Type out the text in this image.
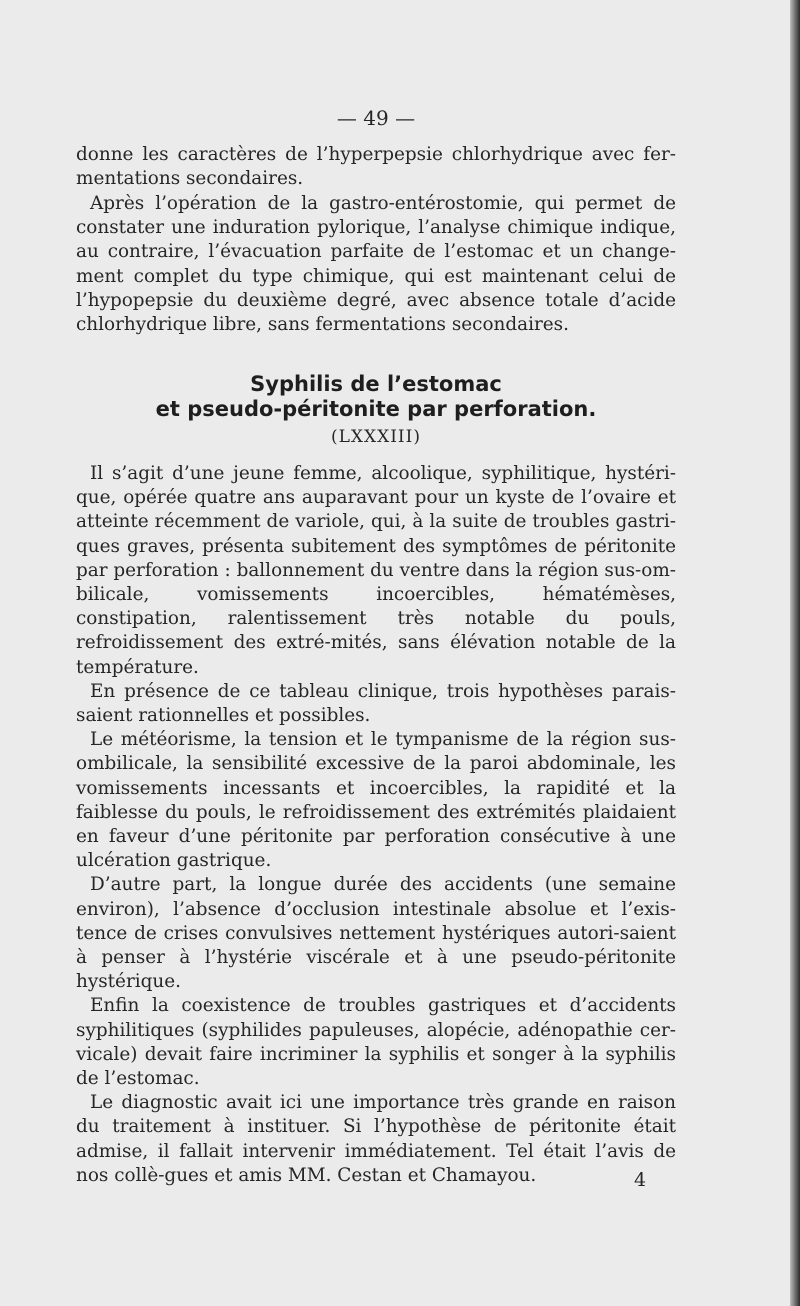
— 49 —

donne les caractères de l’hyperpepsie chlorhydrique avec fer-mentations secondaires.

Après l’opération de la gastro-entérostomie, qui permet de constater une induration pylorique, l’analyse chimique indique, au contraire, l’évacuation parfaite de l’estomac et un change-ment complet du type chimique, qui est maintenant celui de l’hypopepsie du deuxième degré, avec absence totale d’acide chlorhydrique libre, sans fermentations secondaires.

Syphilis de l’estomac
et pseudo-péritonite par perforation.
(LXXXIII)

Il s’agit d’une jeune femme, alcoolique, syphilitique, hystéri-que, opérée quatre ans auparavant pour un kyste de l’ovaire et atteinte récemment de variole, qui, à la suite de troubles gastri-ques graves, présenta subitement des symptômes de péritonite par perforation : ballonnement du ventre dans la région sus-om-bilicale, vomissements incoercibles, hématémèses, constipation, ralentissement très notable du pouls, refroidissement des extré-mités, sans élévation notable de la température.

En présence de ce tableau clinique, trois hypothèses parais-saient rationnelles et possibles.

Le météorisme, la tension et le tympanisme de la région sus-ombilicale, la sensibilité excessive de la paroi abdominale, les vomissements incessants et incoercibles, la rapidité et la faiblesse du pouls, le refroidissement des extrémités plaidaient en faveur d’une péritonite par perforation consécutive à une ulcération gastrique.

D’autre part, la longue durée des accidents (une semaine environ), l’absence d’occlusion intestinale absolue et l’exis-tence de crises convulsives nettement hystériques autori-saient à penser à l’hystérie viscérale et à une pseudo-péritonite hystérique.

Enfin la coexistence de troubles gastriques et d’accidents syphilitiques (syphilides papuleuses, alopécie, adénopathie cer-vicale) devait faire incriminer la syphilis et songer à la syphilis de l’estomac.

Le diagnostic avait ici une importance très grande en raison du traitement à instituer. Si l’hypothèse de péritonite était admise, il fallait intervenir immédiatement. Tel était l’avis de nos collè-gues et amis MM. Cestan et Chamayou.	4
